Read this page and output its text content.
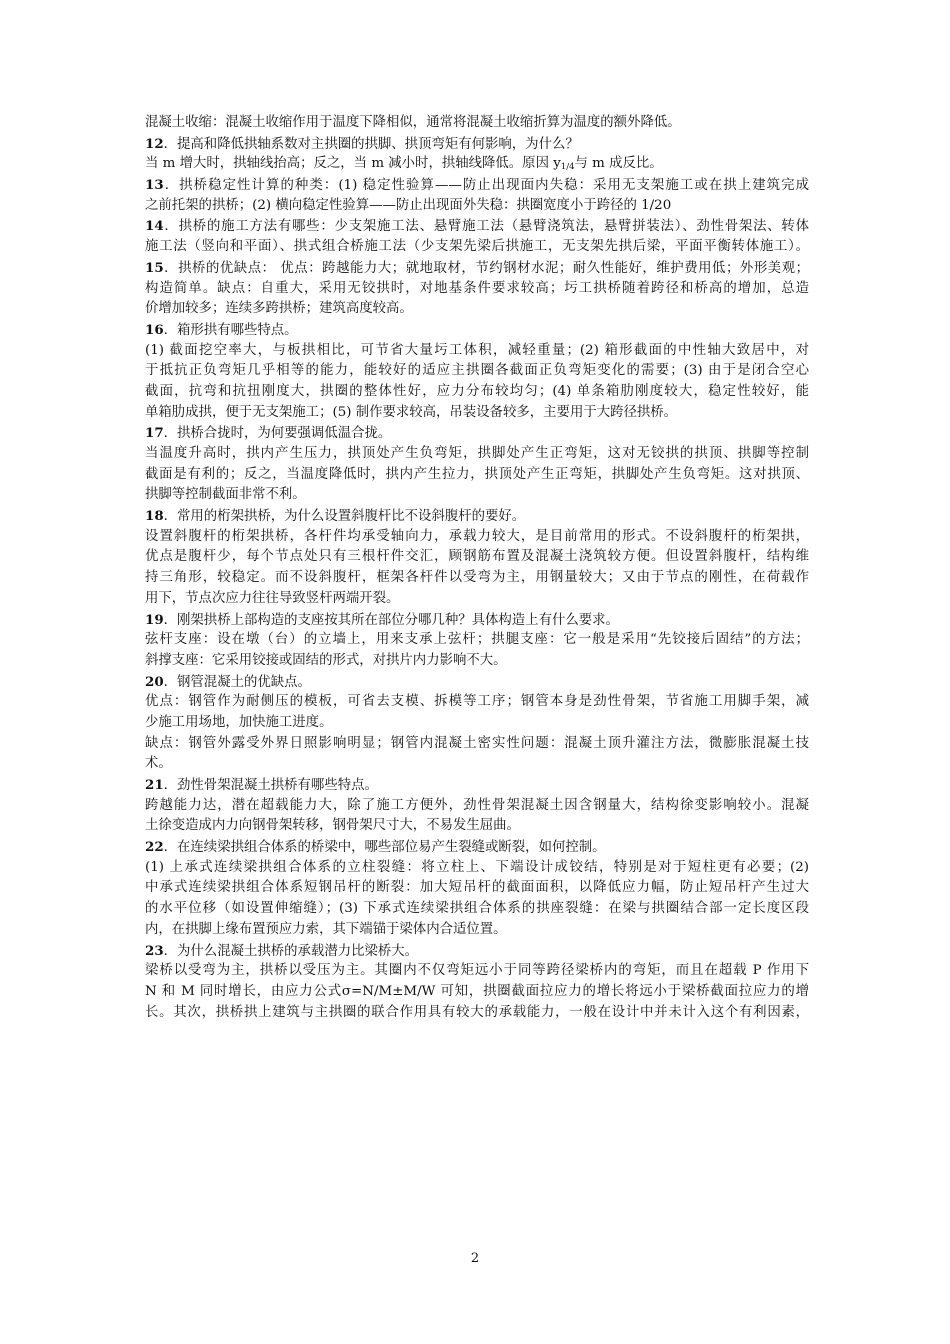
混凝土收缩：混凝土收缩作用于温度下降相似，通常将混凝土收缩折算为温度的额外降低。
12．提高和降低拱轴系数对主拱圈的拱脚、拱顶弯矩有何影响，为什么？
当 m 增大时，拱轴线抬高；反之，当 m 减小时，拱轴线降低。原因 $y_{1/4}$与 m 成反比。
13．拱桥稳定性计算的种类：(1) 稳定性验算——防止出现面内失稳：采用无支架施工或在拱上建筑完成
之前托架的拱桥；(2) 横向稳定性验算——防止出现面外失稳：拱圈宽度小于跨径的 1/20
14．拱桥的施工方法有哪些：少支架施工法、悬臂施工法（悬臂浇筑法，悬臂拼装法）、劲性骨架法、转体
施工法（竖向和平面）、拱式组合桥施工法（少支架先梁后拱施工，无支架先拱后梁，平面平衡转体施工）。
15．拱桥的优缺点： 优点：跨越能力大；就地取材，节约钢材水泥；耐久性能好，维护费用低；外形美观；
构造简单。缺点：自重大，采用无铰拱时，对地基条件要求较高；圬工拱桥随着跨径和桥高的增加，总造
价增加较多；连续多跨拱桥；建筑高度较高。
16．箱形拱有哪些特点。
(1) 截面挖空率大，与板拱相比，可节省大量圬工体积，减轻重量；(2) 箱形截面的中性轴大致居中，对
于抵抗正负弯矩几乎相等的能力，能较好的适应主拱圈各截面正负弯矩变化的需要；(3) 由于是闭合空心
截面，抗弯和抗扭刚度大，拱圈的整体性好，应力分布较均匀；(4) 单条箱肋刚度较大，稳定性较好，能
单箱肋成拱，便于无支架施工；(5) 制作要求较高，吊装设备较多，主要用于大跨径拱桥。
17．拱桥合拢时，为何要强调低温合拢。
当温度升高时，拱内产生压力，拱顶处产生负弯矩，拱脚处产生正弯矩，这对无铰拱的拱顶、拱脚等控制
截面是有利的；反之，当温度降低时，拱内产生拉力，拱顶处产生正弯矩，拱脚处产生负弯矩。这对拱顶、
拱脚等控制截面非常不利。
18．常用的桁架拱桥，为什么设置斜腹杆比不设斜腹杆的要好。
设置斜腹杆的桁架拱桥，各杆件均承受轴向力，承载力较大，是目前常用的形式。不设斜腹杆的桁架拱，
优点是腹杆少，每个节点处只有三根杆件交汇，顾钢筋布置及混凝土浇筑较方便。但设置斜腹杆，结构维
持三角形，较稳定。而不设斜腹杆，框架各杆件以受弯为主，用钢量较大；又由于节点的刚性，在荷载作
用下，节点次应力往往导致竖杆两端开裂。
19．刚架拱桥上部构造的支座按其所在部位分哪几种？具体构造上有什么要求。
弦杆支座：设在墩（台）的立墙上，用来支承上弦杆；拱腿支座：它一般是采用“先铰接后固结”的方法；
斜撑支座：它采用铰接或固结的形式，对拱片内力影响不大。
20．钢管混凝土的优缺点。
优点：钢管作为耐侧压的模板，可省去支模、拆模等工序；钢管本身是劲性骨架，节省施工用脚手架，减
少施工用场地，加快施工进度。
缺点：钢管外露受外界日照影响明显；钢管内混凝土密实性问题：混凝土顶升灌注方法，微膨胀混凝土技
术。
21．劲性骨架混凝土拱桥有哪些特点。
跨越能力达，潜在超载能力大，除了施工方便外，劲性骨架混凝土因含钢量大，结构徐变影响较小。混凝
土徐变造成内力向钢骨架转移，钢骨架尺寸大，不易发生屈曲。
22．在连续梁拱组合体系的桥梁中，哪些部位易产生裂缝或断裂，如何控制。
(1) 上承式连续梁拱组合体系的立柱裂缝：将立柱上、下端设计成铰结，特别是对于短柱更有必要；(2)
中承式连续梁拱组合体系短钢吊杆的断裂：加大短吊杆的截面面积，以降低应力幅，防止短吊杆产生过大
的水平位移（如设置伸缩缝）；(3) 下承式连续梁拱组合体系的拱座裂缝：在梁与拱圈结合部一定长度区段
内，在拱脚上缘布置预应力索，其下端锚于梁体内合适位置。
23．为什么混凝土拱桥的承载潜力比梁桥大。
梁桥以受弯为主，拱桥以受压为主。其圈内不仅弯矩远小于同等跨径梁桥内的弯矩，而且在超载 P 作用下
N 和 M 同时增长，由应力公式σ=N/M±M/W 可知，拱圈截面拉应力的增长将远小于梁桥截面拉应力的增
长。其次，拱桥拱上建筑与主拱圈的联合作用具有较大的承载能力，一般在设计中并未计入这个有利因素，
2
